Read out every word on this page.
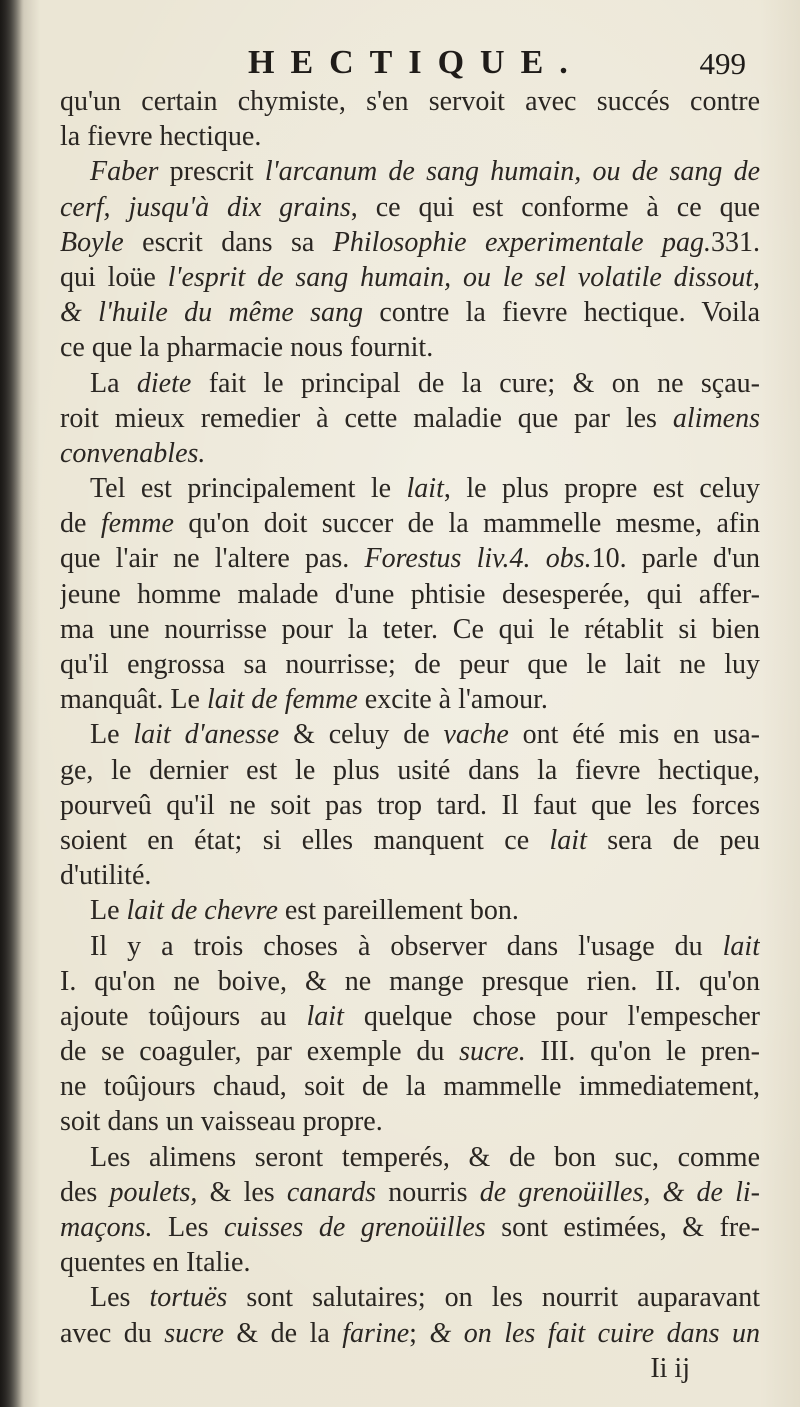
HECTIQUE.	499
qu'un certain chymiste, s'en servoit avec succés contre
la fievre hectique.
Faber prescrit l'arcanum de sang humain, ou de sang de
cerf, jusqu'à dix grains, ce qui est conforme à ce que
Boyle escrit dans sa Philosophie experimentale pag.331.
qui loüe l'esprit de sang humain, ou le sel volatile dissout,
& l'huile du même sang contre la fievre hectique. Voila
ce que la pharmacie nous fournit.
La diete fait le principal de la cure; & on ne sçau-
roit mieux remedier à cette maladie que par les alimens
convenables.
Tel est principalement le lait, le plus propre est celuy
de femme qu'on doit succer de la mammelle mesme, afin
que l'air ne l'altere pas. Forestus liv.4. obs.10. parle d'un
jeune homme malade d'une phtisie desesperée, qui affer-
ma une nourrisse pour la teter. Ce qui le rétablit si bien
qu'il engrossa sa nourrisse; de peur que le lait ne luy
manquât. Le lait de femme excite à l'amour.
Le lait d'anesse & celuy de vache ont été mis en usa-
ge, le dernier est le plus usité dans la fievre hectique,
pourveû qu'il ne soit pas trop tard. Il faut que les forces
soient en état; si elles manquent ce lait sera de peu
d'utilité.
Le lait de chevre est pareillement bon.
Il y a trois choses à observer dans l'usage du lait
I. qu'on ne boive, & ne mange presque rien. II. qu'on
ajoute toûjours au lait quelque chose pour l'empescher
de se coaguler, par exemple du sucre. III. qu'on le pren-
ne toûjours chaud, soit de la mammelle immediatement,
soit dans un vaisseau propre.
Les alimens seront temperés, & de bon suc, comme
des poulets, & les canards nourris de grenoüilles, & de li-
maçons. Les cuisses de grenoüilles sont estimées, & fre-
quentes en Italie.
Les tortuës sont salutaires; on les nourrit auparavant
avec du sucre & de la farine; & on les fait cuire dans un
Ii ij
